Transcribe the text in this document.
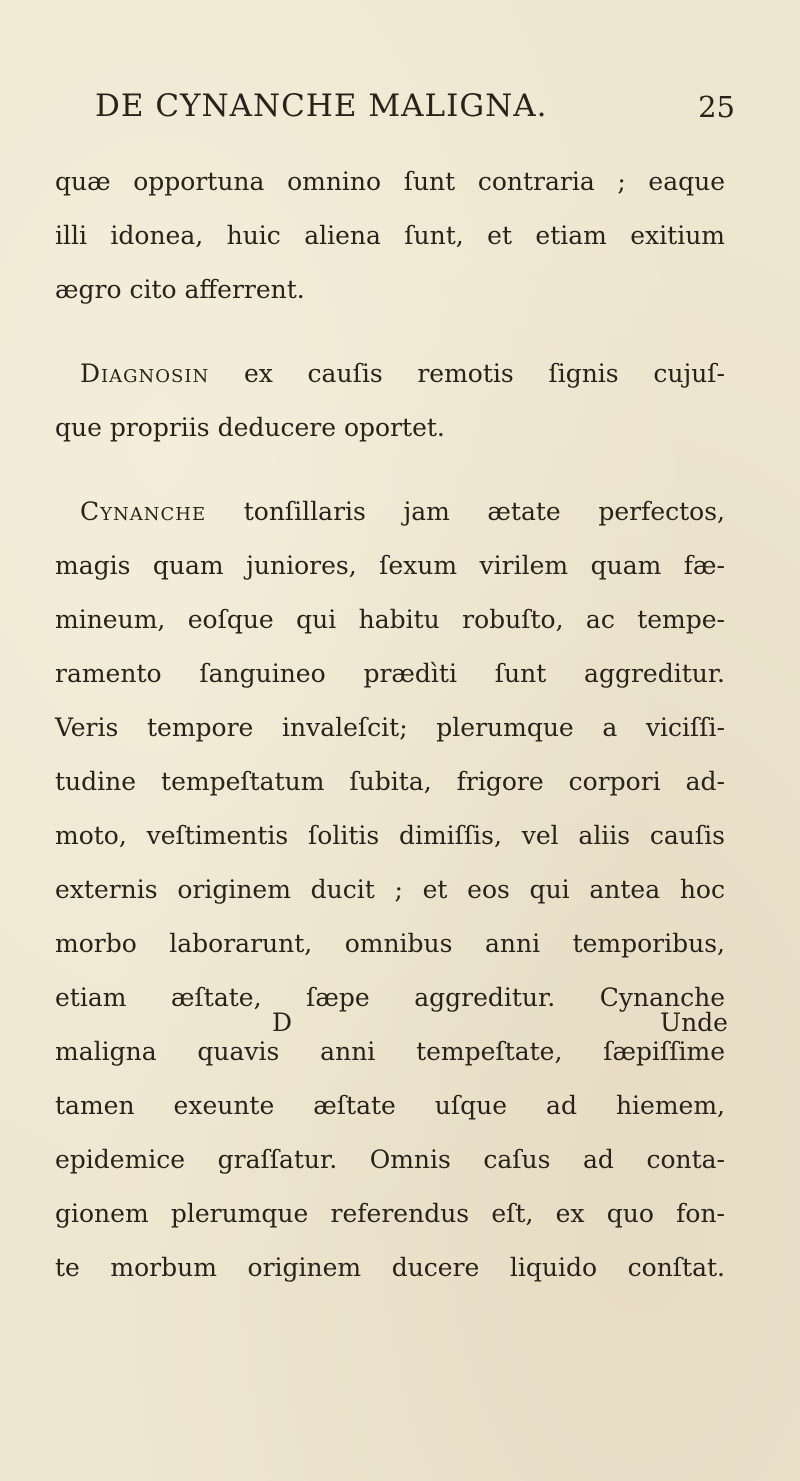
DE CYNANCHE MALIGNA.	25
quæ opportuna omnino ſunt contraria ; eaque
illi idonea, huic aliena ſunt, et etiam exitium
ægro cito afferrent.
Diagnosin ex cauſis remotis ſignis cujuſ-
que propriis deducere oportet.
Cynanche tonſillaris jam ætate perfectos,
magis quam juniores, ſexum virilem quam fæ-
mineum, eoſque qui habitu robuſto, ac tempe-
ramento ſanguineo prædìti ſunt aggreditur.
Veris tempore invaleſcit; plerumque a viciſſi-
tudine tempeſtatum ſubita, frigore corpori ad-
moto, veſtimentis ſolitis dimiſſis, vel aliis cauſis
externis originem ducit ; et eos qui antea hoc
morbo laborarunt, omnibus anni temporibus,
etiam æſtate, ſæpe aggreditur. Cynanche
maligna quavis anni tempeſtate, ſæpiſſime
tamen exeunte æſtate uſque ad hiemem,
epidemice graſſatur. Omnis caſus ad conta-
gionem plerumque referendus eſt, ex quo fon-
te morbum originem ducere liquido conſtat.
D	Unde
